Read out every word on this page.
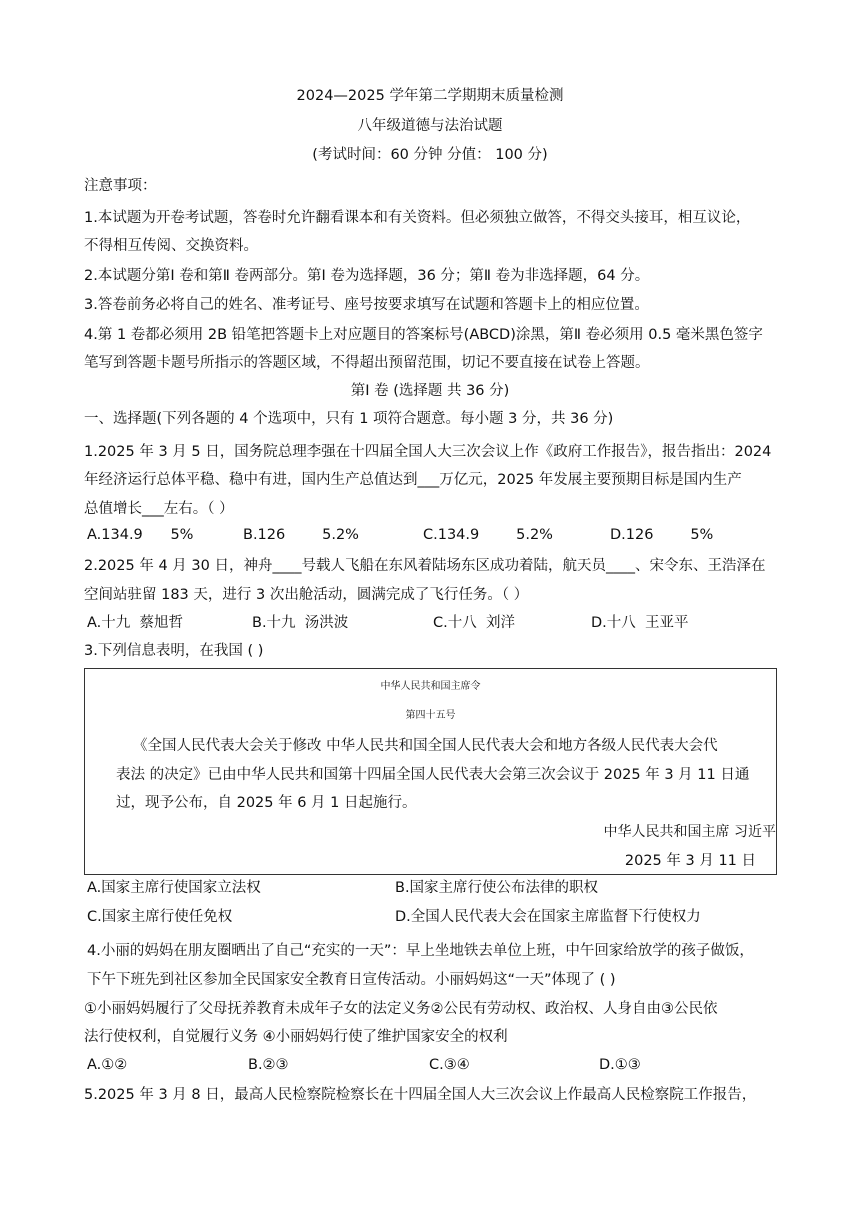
2024—2025 学年第二学期期末质量检测
八年级道德与法治试题
(考试时间：60 分钟 分值： 100 分)
注意事项：
1.本试题为开卷考试题，答卷时允许翻看课本和有关资料。但必须独立做答，不得交头接耳，相互议论，
不得相互传阅、交换资料。
2.本试题分第Ⅰ 卷和第Ⅱ 卷两部分。第Ⅰ 卷为选择题，36 分；第Ⅱ 卷为非选择题，64 分。
3.答卷前务必将自己的姓名、准考证号、座号按要求填写在试题和答题卡上的相应位置。
4.第 1 卷都必须用 2B 铅笔把答题卡上对应题目的答案标号(ABCD)涂黑，第Ⅱ 卷必须用 0.5 毫米黑色签字
笔写到答题卡题号所指示的答题区域，不得超出预留范围，切记不要直接在试卷上答题。
第Ⅰ 卷 (选择题 共 36 分)
一、选择题(下列各题的 4 个选项中，只有 1 项符合题意。每小题 3 分，共 36 分)
1.2025 年 3 月 5 日，国务院总理李强在十四届全国人大三次会议上作《政府工作报告》，报告指出：2024
年经济运行总体平稳、稳中有进，国内生产总值达到___万亿元，2025 年发展主要预期目标是国内生产
总值增长___左右。（ ）
A.134.9      5%	B.126        5.2%	C.134.9        5.2%	D.126        5%
2.2025 年 4 月 30 日，神舟____号载人飞船在东风着陆场东区成功着陆，航天员____、宋令东、王浩泽在
空间站驻留 183 天，进行 3 次出舱活动，圆满完成了飞行任务。（ ）
A.十九  蔡旭哲	B.十九  汤洪波	C.十八  刘洋	D.十八  王亚平
3.下列信息表明，在我国 ( )
中华人民共和国主席令
第四十五号
《全国人民代表大会关于修改 中华人民共和国全国人民代表大会和地方各级人民代表大会代
表法 的决定》已由中华人民共和国第十四届全国人民代表大会第三次会议于 2025 年 3 月 11 日通
过，现予公布，自 2025 年 6 月 1 日起施行。
中华人民共和国主席 习近平
2025 年 3 月 11 日
A.国家主席行使国家立法权	B.国家主席行使公布法律的职权
C.国家主席行使任免权	D.全国人民代表大会在国家主席监督下行使权力
4.小丽的妈妈在朋友圈晒出了自己“充实的一天”：早上坐地铁去单位上班，中午回家给放学的孩子做饭，
下午下班先到社区参加全民国家安全教育日宣传活动。小丽妈妈这“一天”体现了 ( )
①小丽妈妈履行了父母抚养教育未成年子女的法定义务②公民有劳动权、政治权、人身自由③公民依
法行使权利，自觉履行义务 ④小丽妈妈行使了维护国家安全的权利
A.①②	B.②③	C.③④	D.①③
5.2025 年 3 月 8 日，最高人民检察院检察长在十四届全国人大三次会议上作最高人民检察院工作报告，
